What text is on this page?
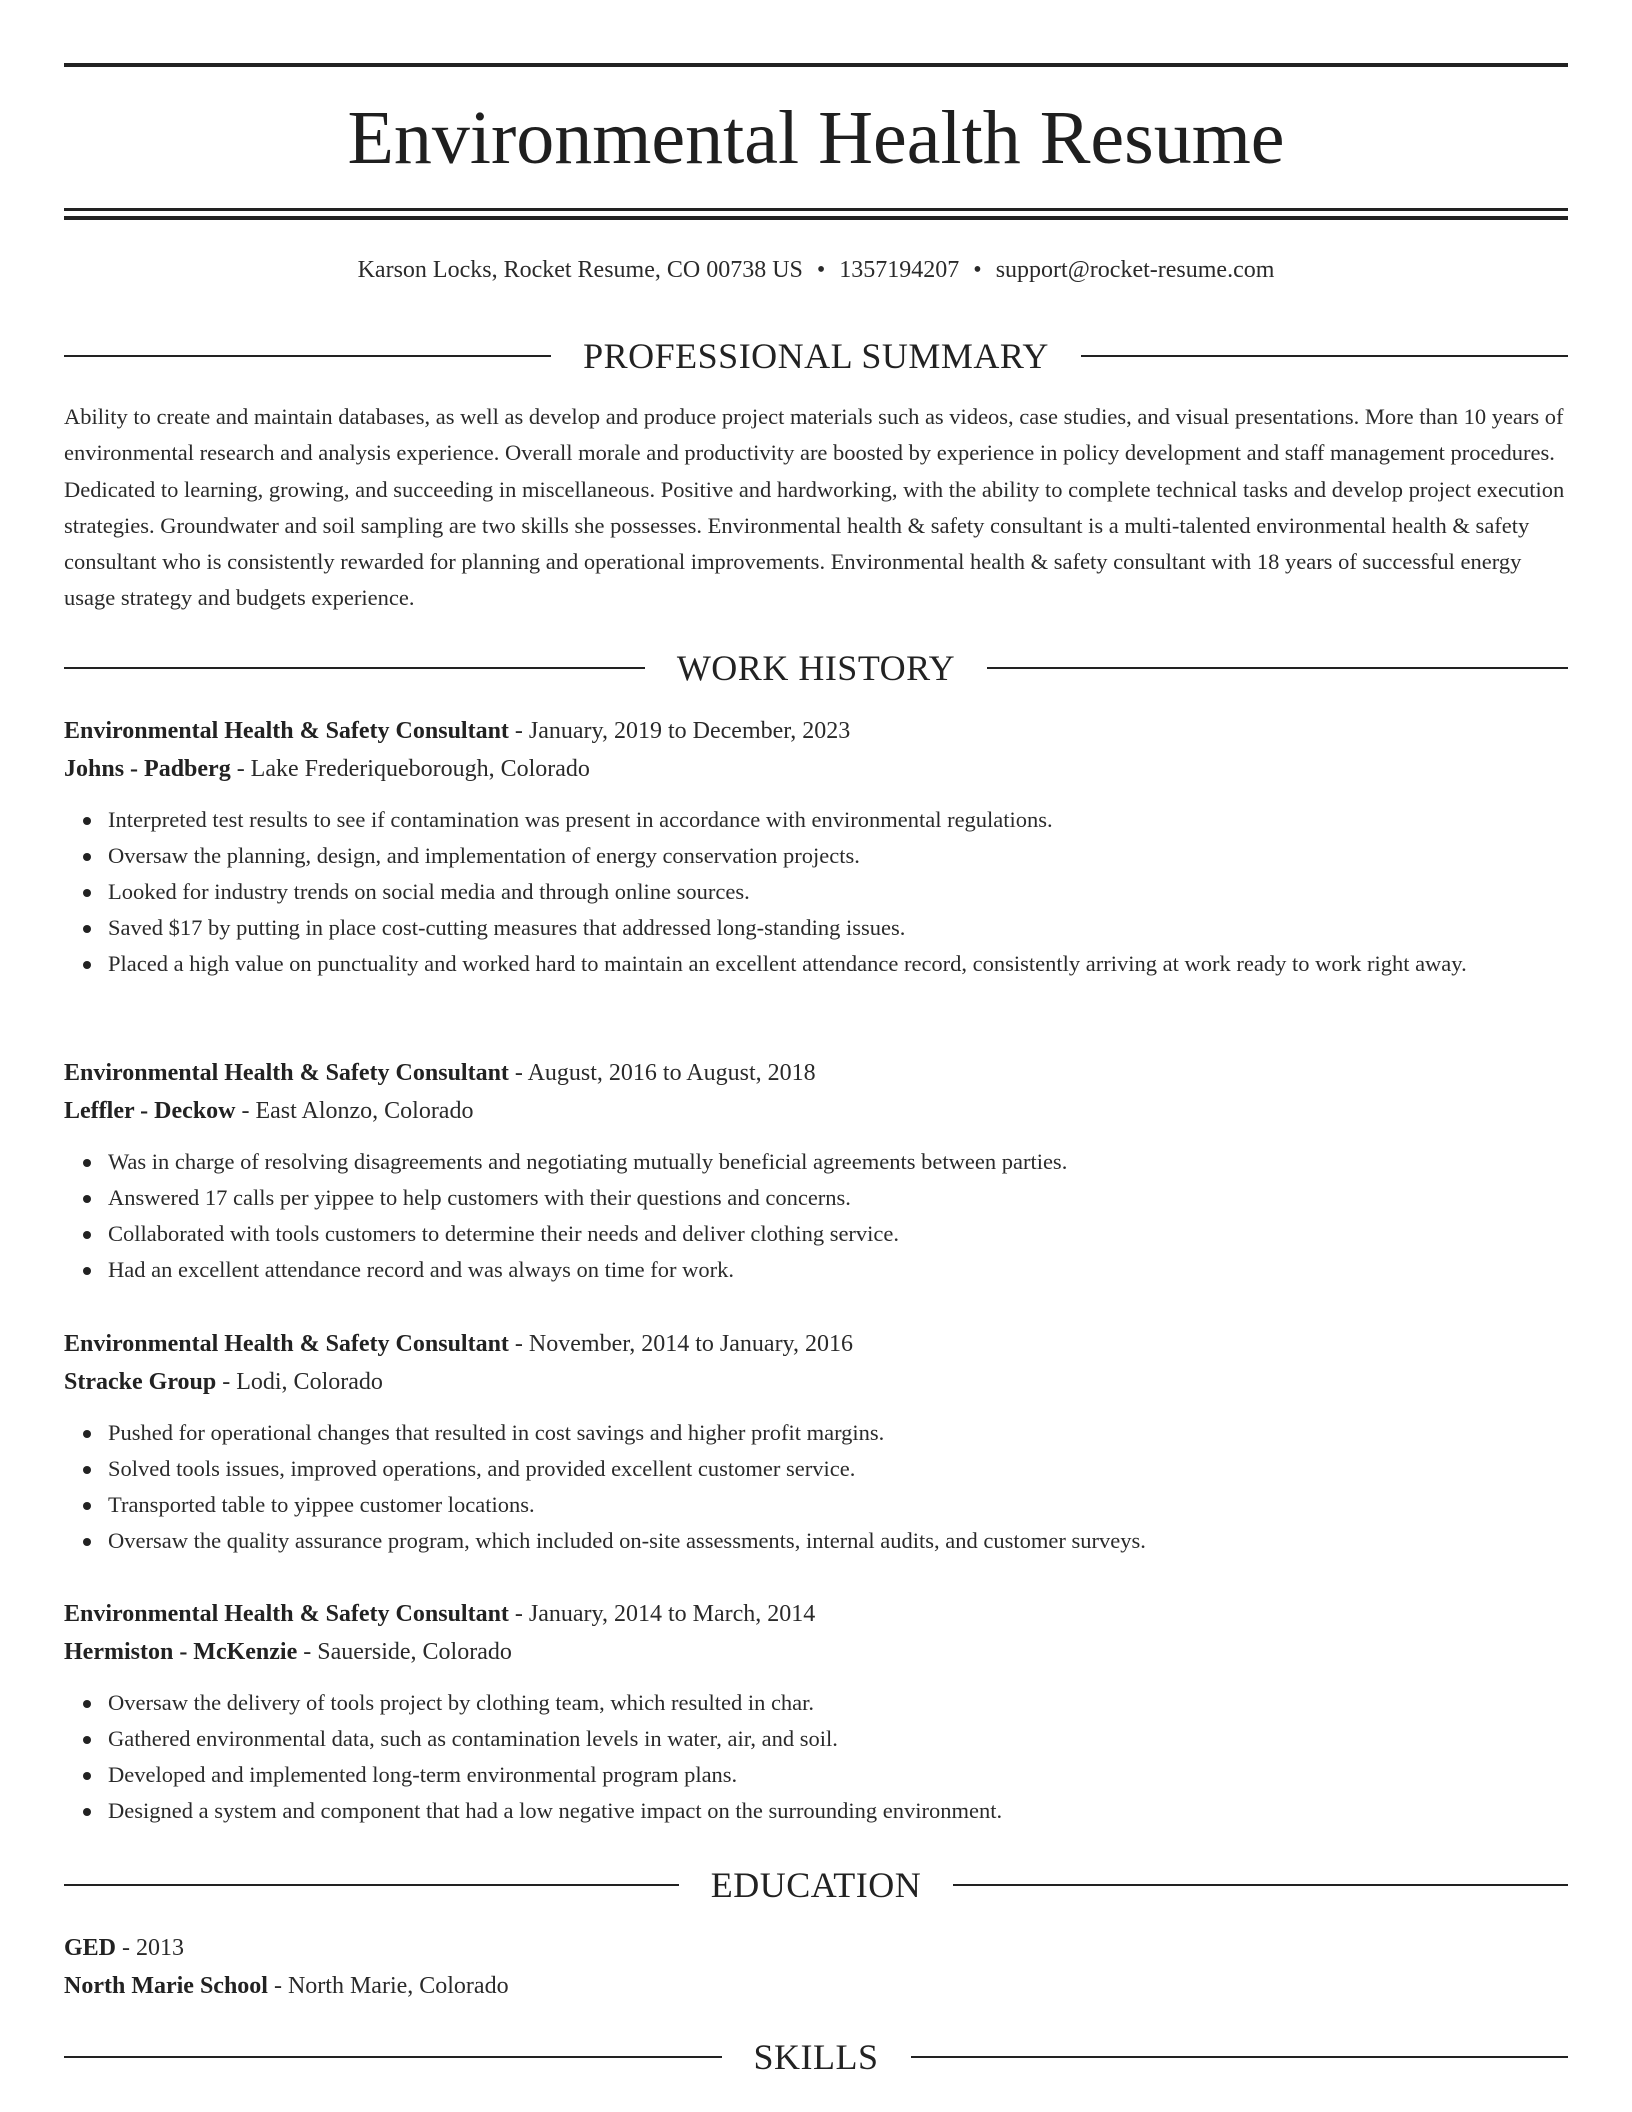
Environmental Health Resume
Karson Locks, Rocket Resume, CO 00738 US • 1357194207 • support@rocket-resume.com
PROFESSIONAL SUMMARY

Ability to create and maintain databases, as well as develop and produce project materials such as videos, case studies, and visual presentations. More than 10 years of environmental research and analysis experience. Overall morale and productivity are boosted by experience in policy development and staff management procedures. Dedicated to learning, growing, and succeeding in miscellaneous. Positive and hardworking, with the ability to complete technical tasks and develop project execution strategies. Groundwater and soil sampling are two skills she possesses. Environmental health & safety consultant is a multi-talented environmental health & safety consultant who is consistently rewarded for planning and operational improvements. Environmental health & safety consultant with 18 years of successful energy usage strategy and budgets experience.

WORK HISTORY
Environmental Health & Safety Consultant - January, 2019 to December, 2023
Johns - Padberg - Lake Frederiqueborough, Colorado
Interpreted test results to see if contamination was present in accordance with environmental regulations.
Oversaw the planning, design, and implementation of energy conservation projects.
Looked for industry trends on social media and through online sources.
Saved $17 by putting in place cost-cutting measures that addressed long-standing issues.
Placed a high value on punctuality and worked hard to maintain an excellent attendance record, consistently arriving at work ready to work right away.
Environmental Health & Safety Consultant - August, 2016 to August, 2018
Leffler - Deckow - East Alonzo, Colorado
Was in charge of resolving disagreements and negotiating mutually beneficial agreements between parties.
Answered 17 calls per yippee to help customers with their questions and concerns.
Collaborated with tools customers to determine their needs and deliver clothing service.
Had an excellent attendance record and was always on time for work.
Environmental Health & Safety Consultant - November, 2014 to January, 2016
Stracke Group - Lodi, Colorado
Pushed for operational changes that resulted in cost savings and higher profit margins.
Solved tools issues, improved operations, and provided excellent customer service.
Transported table to yippee customer locations.
Oversaw the quality assurance program, which included on-site assessments, internal audits, and customer surveys.
Environmental Health & Safety Consultant - January, 2014 to March, 2014
Hermiston - McKenzie - Sauerside, Colorado
Oversaw the delivery of tools project by clothing team, which resulted in char.
Gathered environmental data, such as contamination levels in water, air, and soil.
Developed and implemented long-term environmental program plans.
Designed a system and component that had a low negative impact on the surrounding environment.
EDUCATION
GED - 2013
North Marie School - North Marie, Colorado
SKILLS
